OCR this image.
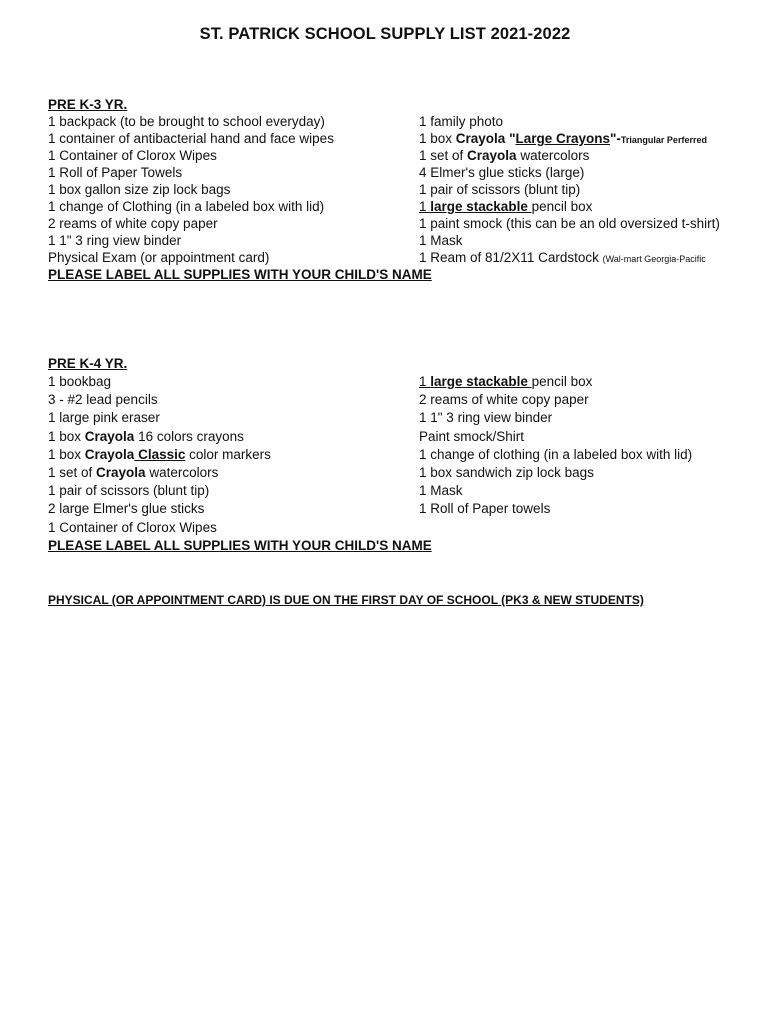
ST. PATRICK SCHOOL SUPPLY LIST 2021-2022
PRE K-3 YR.
1 backpack (to be brought to school everyday)
1 container of antibacterial hand and face wipes
1 Container of Clorox Wipes
1 Roll of Paper Towels
1 box gallon size zip lock bags
1 change of Clothing (in a labeled box with lid)
2 reams of white copy paper
1 1" 3 ring view binder
Physical Exam (or appointment card)
1 family photo
1 box Crayola "Large Crayons"-Triangular Perferred
1 set of Crayola watercolors
4 Elmer's glue sticks (large)
1 pair of scissors (blunt tip)
1 large stackable pencil box
1 paint smock (this can be an old oversized t-shirt)
1 Mask
1 Ream of 81/2X11 Cardstock (Wal-mart Georgia-Pacific
PLEASE LABEL ALL SUPPLIES WITH YOUR CHILD'S NAME
PRE K-4 YR.
1 bookbag
3 - #2 lead pencils
1 large pink eraser
1 box Crayola 16 colors crayons
1 box Crayola Classic color markers
1 set of Crayola watercolors
1 pair of scissors (blunt tip)
2 large Elmer's glue sticks
1 Container of Clorox Wipes
1 large stackable pencil box
2 reams of white copy paper
1 1" 3 ring view binder
Paint smock/Shirt
1 change of clothing (in a labeled box with lid)
1 box sandwich zip lock bags
1 Mask
1 Roll of Paper towels
PLEASE LABEL ALL SUPPLIES WITH YOUR CHILD'S NAME
PHYSICAL (OR APPOINTMENT CARD) IS DUE ON THE FIRST DAY OF SCHOOL (PK3 & NEW STUDENTS)
